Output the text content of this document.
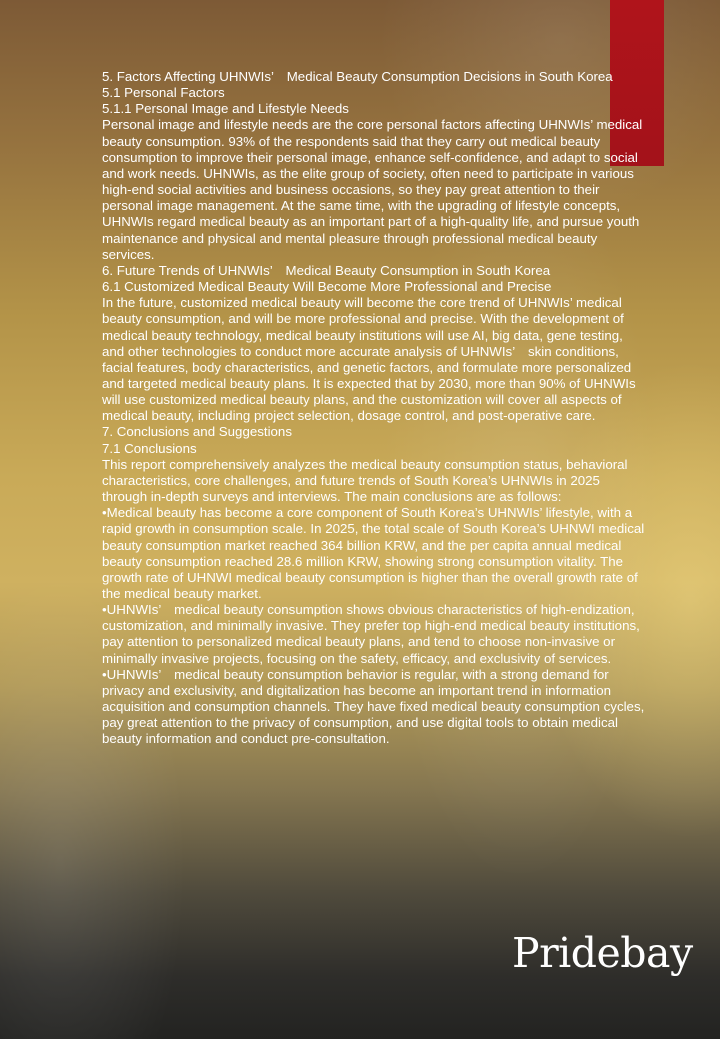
5. Factors Affecting UHNWIs’　Medical Beauty Consumption Decisions in South Korea

5.1 Personal Factors

5.1.1 Personal Image and Lifestyle Needs

Personal image and lifestyle needs are the core personal factors affecting UHNWIs’ medical beauty consumption. 93% of the respondents said that they carry out medical beauty consumption to improve their personal image, enhance self-confidence, and adapt to social and work needs. UHNWIs, as the elite group of society, often need to participate in various high-end social activities and business occasions, so they pay great attention to their personal image management. At the same time, with the upgrading of lifestyle concepts, UHNWIs regard medical beauty as an important part of a high-quality life, and pursue youth maintenance and physical and mental pleasure through professional medical beauty services.

6. Future Trends of UHNWIs’　Medical Beauty Consumption in South Korea

6.1 Customized Medical Beauty Will Become More Professional and Precise

In the future, customized medical beauty will become the core trend of UHNWIs’ medical beauty consumption, and will be more professional and precise. With the development of medical beauty technology, medical beauty institutions will use AI, big data, gene testing, and other technologies to conduct more accurate analysis of UHNWIs’　skin conditions, facial features, body characteristics, and genetic factors, and formulate more personalized and targeted medical beauty plans. It is expected that by 2030, more than 90% of UHNWIs will use customized medical beauty plans, and the customization will cover all aspects of medical beauty, including project selection, dosage control, and post-operative care.

7. Conclusions and Suggestions

7.1 Conclusions

This report comprehensively analyzes the medical beauty consumption status, behavioral characteristics, core challenges, and future trends of South Korea’s UHNWIs in 2025 through in-depth surveys and interviews. The main conclusions are as follows:

•Medical beauty has become a core component of South Korea’s UHNWIs’ lifestyle, with a rapid growth in consumption scale. In 2025, the total scale of South Korea’s UHNWI medical beauty consumption market reached 364 billion KRW, and the per capita annual medical beauty consumption reached 28.6 million KRW, showing strong consumption vitality. The growth rate of UHNWI medical beauty consumption is higher than the overall growth rate of the medical beauty market.

•UHNWIs’　medical beauty consumption shows obvious characteristics of high-endization, customization, and minimally invasive. They prefer top high-end medical beauty institutions, pay attention to personalized medical beauty plans, and tend to choose non-invasive or minimally invasive projects, focusing on the safety, efficacy, and exclusivity of services.

•UHNWIs’　medical beauty consumption behavior is regular, with a strong demand for privacy and exclusivity, and digitalization has become an important trend in information acquisition and consumption channels. They have fixed medical beauty consumption cycles, pay great attention to the privacy of consumption, and use digital tools to obtain medical beauty information and conduct pre-consultation.

Pridebay
